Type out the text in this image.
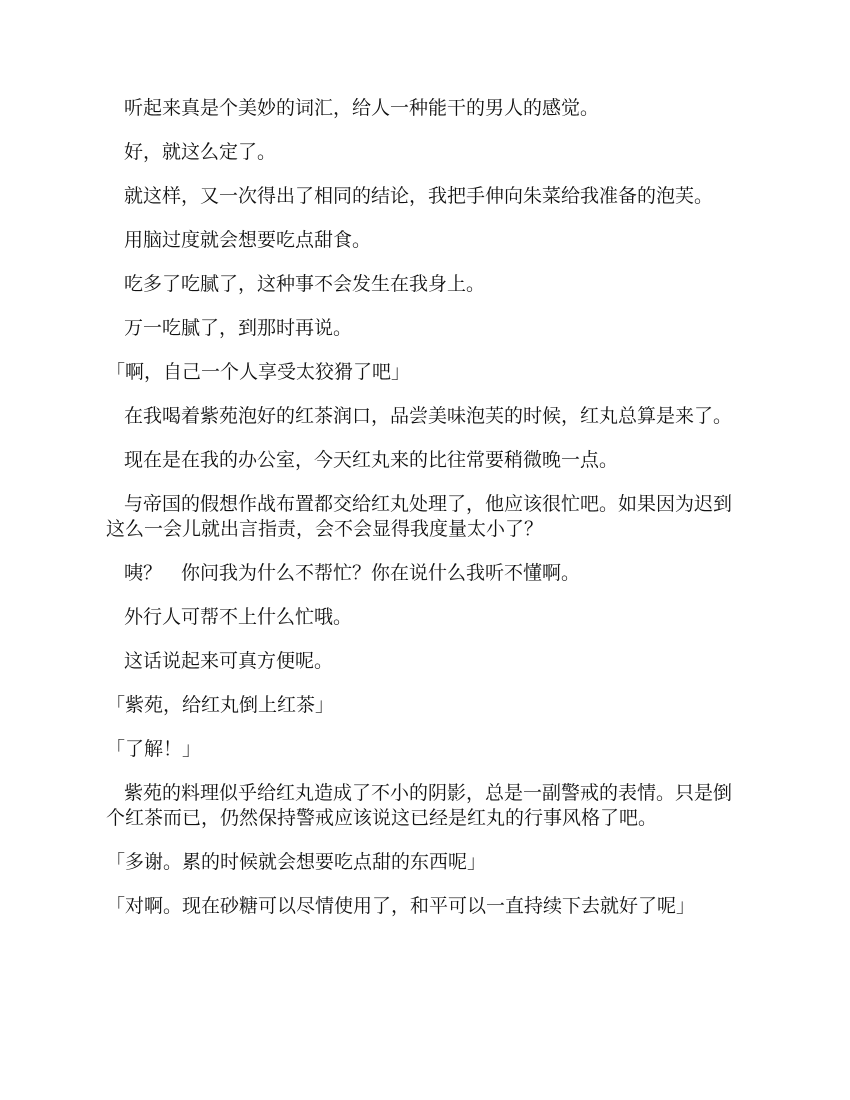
听起来真是个美妙的词汇，给人一种能干的男人的感觉。

好，就这么定了。

就这样，又一次得出了相同的结论，我把手伸向朱菜给我准备的泡芙。

用脑过度就会想要吃点甜食。

吃多了吃腻了，这种事不会发生在我身上。

万一吃腻了，到那时再说。

「啊，自己一个人享受太狡猾了吧」

在我喝着紫苑泡好的红茶润口，品尝美味泡芙的时候，红丸总算是来了。

现在是在我的办公室，今天红丸来的比往常要稍微晚一点。

与帝国的假想作战布置都交给红丸处理了，他应该很忙吧。如果因为迟到这么一会儿就出言指责，会不会显得我度量太小了？

咦？　你问我为什么不帮忙？你在说什么我听不懂啊。

外行人可帮不上什么忙哦。

这话说起来可真方便呢。

「紫苑，给红丸倒上红茶」

「了解！」

紫苑的料理似乎给红丸造成了不小的阴影，总是一副警戒的表情。只是倒个红茶而已，仍然保持警戒应该说这已经是红丸的行事风格了吧。

「多谢。累的时候就会想要吃点甜的东西呢」

「对啊。现在砂糖可以尽情使用了，和平可以一直持续下去就好了呢」
